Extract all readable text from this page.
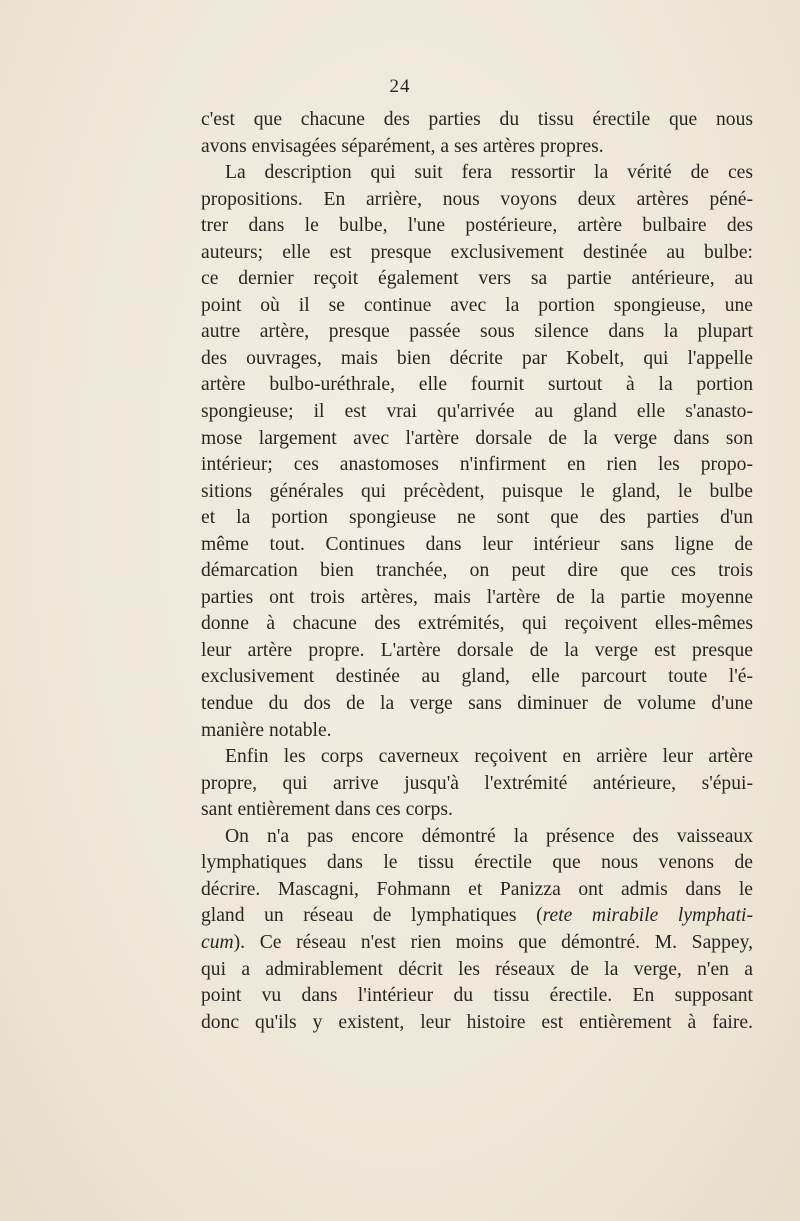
24
c'est que chacune des parties du tissu érectile que nous
avons envisagées séparément, a ses artères propres.
La description qui suit fera ressortir la vérité de ces
propositions. En arrière, nous voyons deux artères péné-
trer dans le bulbe, l'une postérieure, artère bulbaire des
auteurs; elle est presque exclusivement destinée au bulbe:
ce dernier reçoit également vers sa partie antérieure, au
point où il se continue avec la portion spongieuse, une
autre artère, presque passée sous silence dans la plupart
des ouvrages, mais bien décrite par Kobelt, qui l'appelle
artère bulbo-uréthrale, elle fournit surtout à la portion
spongieuse; il est vrai qu'arrivée au gland elle s'anasto-
mose largement avec l'artère dorsale de la verge dans son
intérieur; ces anastomoses n'infirment en rien les propo-
sitions générales qui précèdent, puisque le gland, le bulbe
et la portion spongieuse ne sont que des parties d'un
même tout. Continues dans leur intérieur sans ligne de
démarcation bien tranchée, on peut dire que ces trois
parties ont trois artères, mais l'artère de la partie moyenne
donne à chacune des extrémités, qui reçoivent elles-mêmes
leur artère propre. L'artère dorsale de la verge est presque
exclusivement destinée au gland, elle parcourt toute l'é-
tendue du dos de la verge sans diminuer de volume d'une
manière notable.
Enfin les corps caverneux reçoivent en arrière leur artère
propre, qui arrive jusqu'à l'extrémité antérieure, s'épui-
sant entièrement dans ces corps.
On n'a pas encore démontré la présence des vaisseaux
lymphatiques dans le tissu érectile que nous venons de
décrire. Mascagni, Fohmann et Panizza ont admis dans le
gland un réseau de lymphatiques (rete mirabile lymphati-
cum). Ce réseau n'est rien moins que démontré. M. Sappey,
qui a admirablement décrit les réseaux de la verge, n'en a
point vu dans l'intérieur du tissu érectile. En supposant
donc qu'ils y existent, leur histoire est entièrement à faire.
